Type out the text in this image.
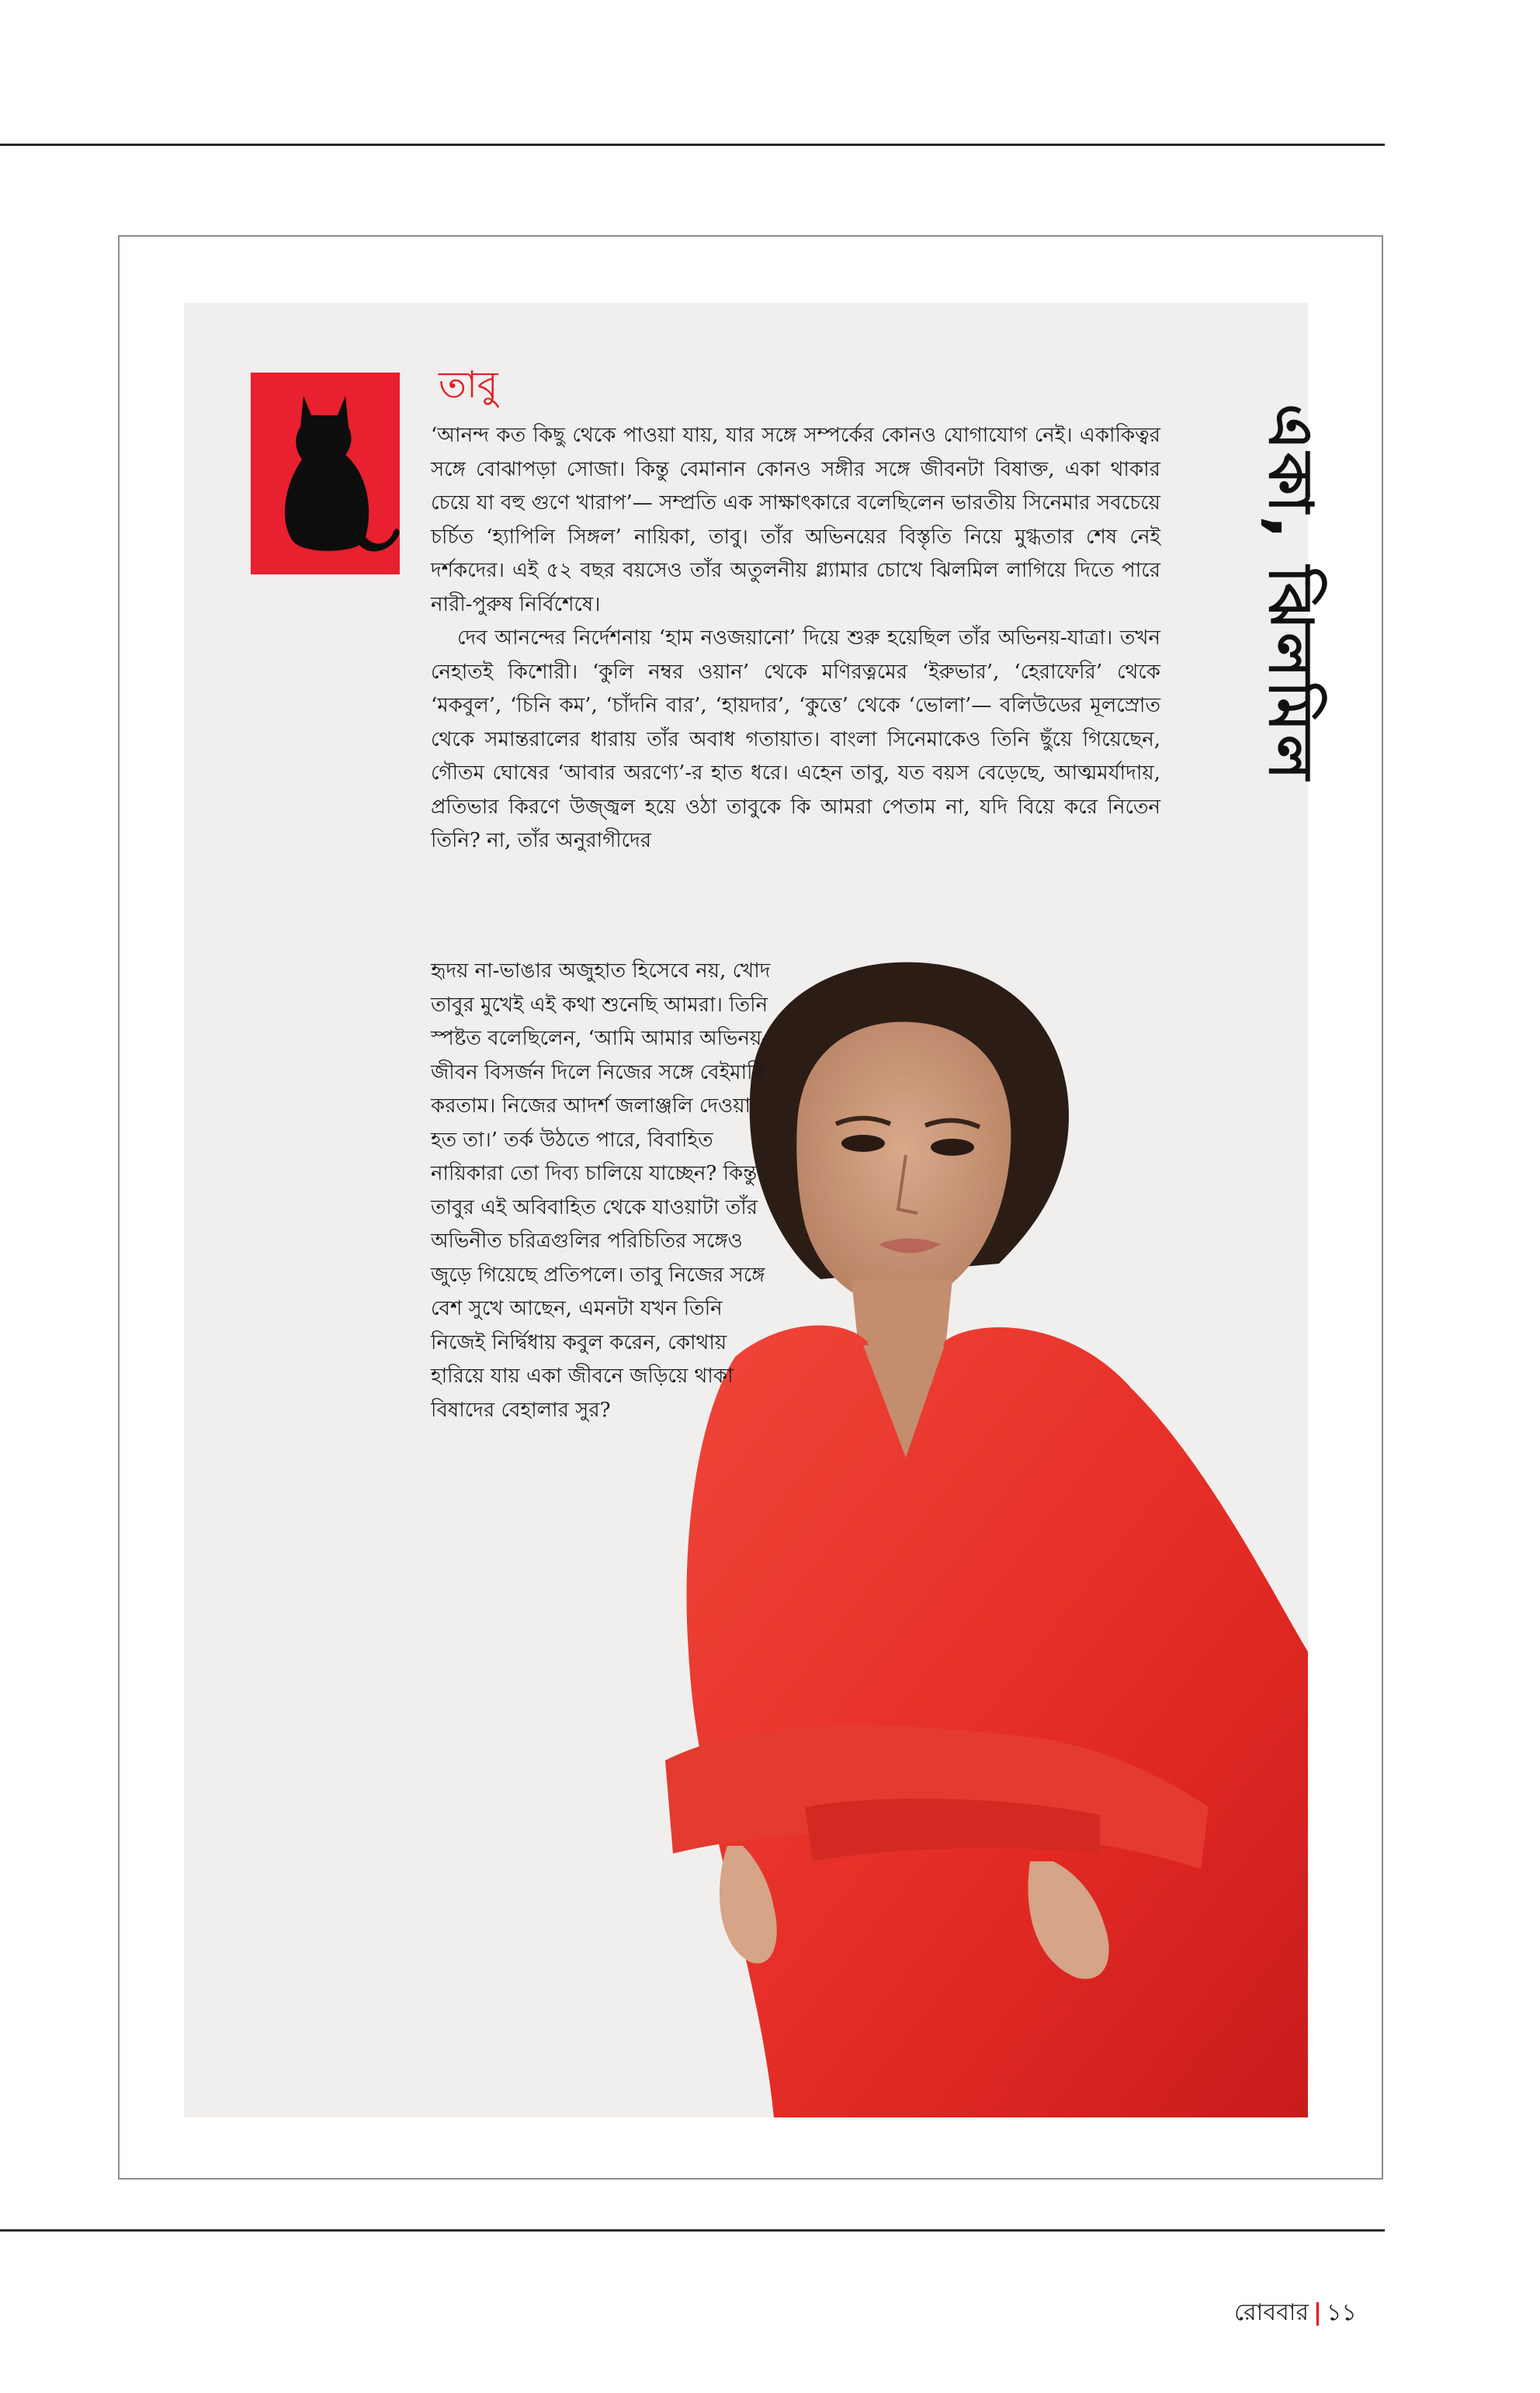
তাবু

‘আনন্দ কত কিছু থেকে পাওয়া যায়, যার সঙ্গে সম্পর্কের কোনও যোগাযোগ নেই। একাকিত্বর সঙ্গে বোঝাপড়া সোজা। কিন্তু বেমানান কোনও সঙ্গীর সঙ্গে জীবনটা বিষাক্ত, একা থাকার চেয়ে যা বহু গুণে খারাপ’— সম্প্রতি এক সাক্ষাৎকারে বলেছিলেন ভারতীয় সিনেমার সবচেয়ে চর্চিত ‘হ্যাপিলি সিঙ্গল’ নায়িকা, তাবু। তাঁর অভিনয়ের বিস্তৃতি নিয়ে মুগ্ধতার শেষ নেই দর্শকদের। এই ৫২ বছর বয়সেও তাঁর অতুলনীয় গ্ল্যামার চোখে ঝিলমিল লাগিয়ে দিতে পারে নারী-পুরুষ নির্বিশেষে।

দেব আনন্দের নির্দেশনায় ‘হাম নওজয়ানো’ দিয়ে শুরু হয়েছিল তাঁর অভিনয়-যাত্রা। তখন নেহাতই কিশোরী। ‘কুলি নম্বর ওয়ান’ থেকে মণিরত্নমের ‘ইরুভার’, ‘হেরাফেরি’ থেকে ‘মকবুল’, ‘চিনি কম’, ‘চাঁদনি বার’, ‘হায়দার’, ‘কুত্তে’ থেকে ‘ভোলা’— বলিউডের মূলস্রোত থেকে সমান্তরালের ধারায় তাঁর অবাধ গতায়াত। বাংলা সিনেমাকেও তিনি ছুঁয়ে গিয়েছেন, গৌতম ঘোষের ‘আবার অরণ্যে’-র হাত ধরে। এহেন তাবু, যত বয়স বেড়েছে, আত্মমর্যাদায়, প্রতিভার কিরণে উজ্জ্বল হয়ে ওঠা তাবুকে কি আমরা পেতাম না, যদি বিয়ে করে নিতেন তিনি? না, তাঁর অনুরাগীদের

হৃদয় না-ভাঙার অজুহাত হিসেবে নয়, খোদ তাবুর মুখেই এই কথা শুনেছি আমরা। তিনি স্পষ্টত বলেছিলেন, ‘আমি আমার অভিনয়-জীবন বিসর্জন দিলে নিজের সঙ্গে বেইমানি করতাম। নিজের আদর্শ জলাঞ্জলি দেওয়া হত তা।’ তর্ক উঠতে পারে, বিবাহিত নায়িকারা তো দিব্য চালিয়ে যাচ্ছেন? কিন্তু তাবুর এই অবিবাহিত থেকে যাওয়াটা তাঁর অভিনীত চরিত্রগুলির পরিচিতির সঙ্গেও জুড়ে গিয়েছে প্রতিপলে। তাবু নিজের সঙ্গে বেশ সুখে আছেন, এমনটা যখন তিনি নিজেই নির্দ্বিধায় কবুল করেন, কোথায় হারিয়ে যায় একা জীবনে জড়িয়ে থাকা বিষাদের বেহালার সুর?
একা, ঝিলমিল
রোববার | ১১
